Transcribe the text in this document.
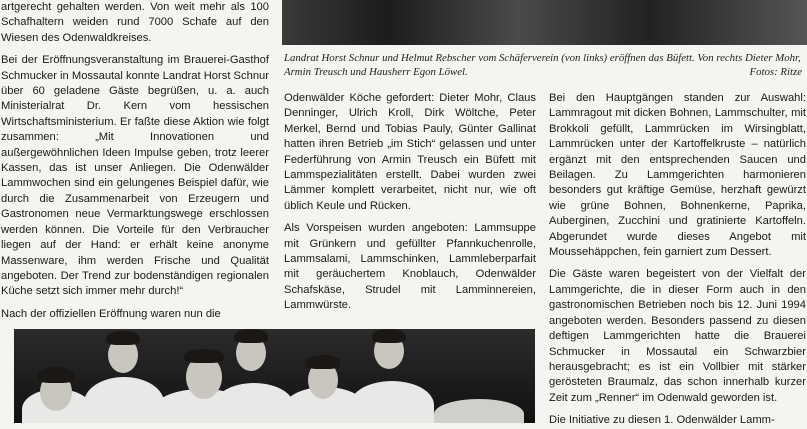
Landrat Horst Schnur und Helmut Rebscher vom Schäferverein (von links) eröffnen das Büfett. Von rechts Dieter Mohr, Armin Treusch und Hausherr Egon Löwel.	Fotos: Ritze

artgerecht gehalten werden. Von weit mehr als 100 Schafhaltern weiden rund 7000 Schafe auf den Wiesen des Odenwaldkreises.

Bei der Eröffnungsveranstaltung im Brauerei-Gasthof Schmucker in Mossautal konnte Landrat Horst Schnur über 60 geladene Gäste begrüßen, u. a. auch Ministerialrat Dr. Kern vom hessischen Wirtschaftsministerium. Er faßte diese Aktion wie folgt zusammen: „Mit Innovationen und außergewöhnlichen Ideen Impulse geben, trotz leerer Kassen, das ist unser Anliegen. Die Odenwälder Lammwochen sind ein gelungenes Beispiel dafür, wie durch die Zusammenarbeit von Erzeugern und Gastronomen neue Vermarktungswege erschlossen werden können. Die Vorteile für den Verbraucher liegen auf der Hand: er erhält keine anonyme Massenware, ihm werden Frische und Qualität angeboten. Der Trend zur bodenständigen regionalen Küche setzt sich immer mehr durch!“

Nach der offiziellen Eröffnung waren nun die

Odenwälder Köche gefordert: Dieter Mohr, Claus Denninger, Ulrich Kroll, Dirk Wöltche, Peter Merkel, Bernd und Tobias Pauly, Günter Gallinat hatten ihren Betrieb „im Stich“ gelassen und unter Federführung von Armin Treusch ein Büfett mit Lammspezialitäten erstellt. Dabei wurden zwei Lämmer komplett verarbeitet, nicht nur, wie oft üblich Keule und Rücken.

Als Vorspeisen wurden angeboten: Lammsuppe mit Grünkern und gefüllter Pfannkuchenrolle, Lammsalami, Lammschinken, Lammleberparfait mit geräuchertem Knoblauch, Odenwälder Schafskäse, Strudel mit Lamminnereien, Lammwürste.

Bei den Hauptgängen standen zur Auswahl: Lammragout mit dicken Bohnen, Lammschulter, mit Brokkoli gefüllt, Lammrücken im Wirsingblatt, Lammrücken unter der Kartoffelkruste – natürlich ergänzt mit den entsprechenden Saucen und Beilagen. Zu Lammgerichten harmonieren besonders gut kräftige Gemüse, herzhaft gewürzt wie grüne Bohnen, Bohnenkerne, Paprika, Auberginen, Zucchini und gratinierte Kartoffeln. Abgerundet wurde dieses Angebot mit Moussehäppchen, fein garniert zum Dessert.

Die Gäste waren begeistert von der Vielfalt der Lammgerichte, die in dieser Form auch in den gastronomischen Betrieben noch bis 12. Juni 1994 angeboten werden. Besonders passend zu diesen deftigen Lammgerichten hatte die Brauerei Schmucker in Mossautal ein Schwarzbier herausgebracht; es ist ein Vollbier mit stärker gerösteten Braumalz, das schon innerhalb kurzer Zeit zum „Renner“ im Odenwald geworden ist.

Die Initiative zu diesen 1. Odenwälder Lamm-
